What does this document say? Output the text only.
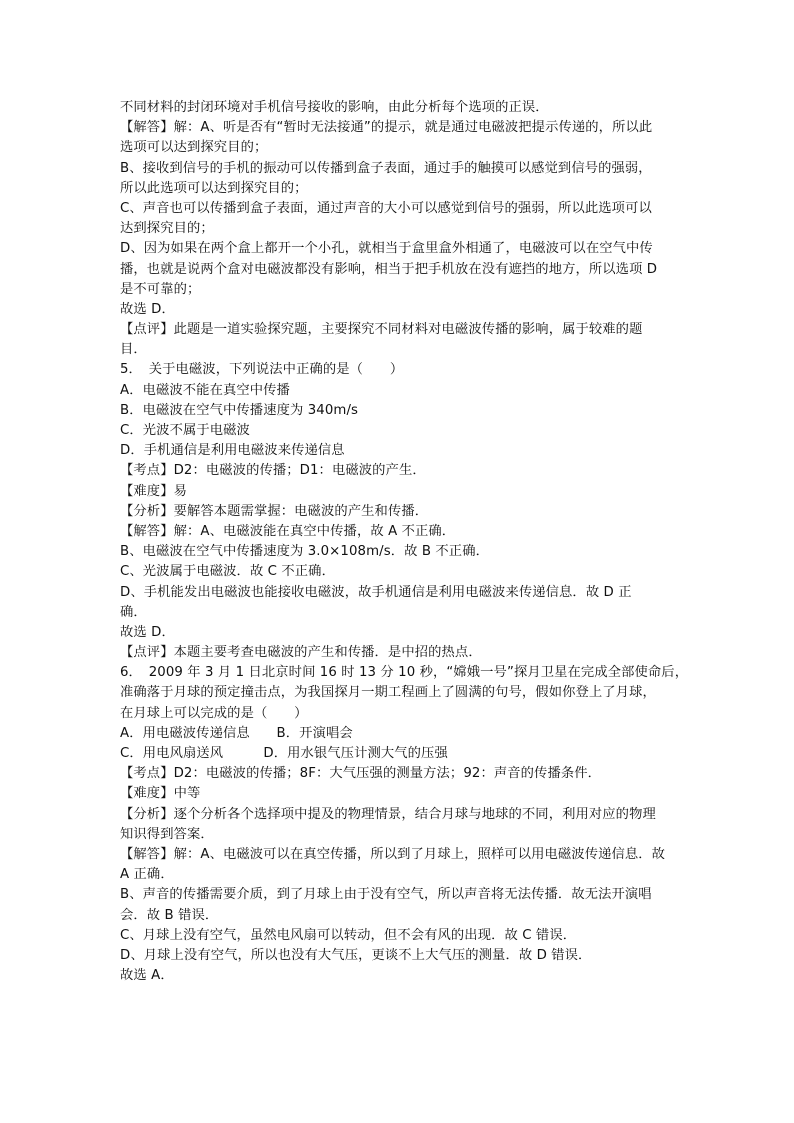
不同材料的封闭环境对手机信号接收的影响，由此分析每个选项的正误．
【解答】解：A、听是否有“暂时无法接通”的提示，就是通过电磁波把提示传递的，所以此
选项可以达到探究目的；
B、接收到信号的手机的振动可以传播到盒子表面，通过手的触摸可以感觉到信号的强弱，
所以此选项可以达到探究目的；
C、声音也可以传播到盒子表面，通过声音的大小可以感觉到信号的强弱，所以此选项可以
达到探究目的；
D、因为如果在两个盒上都开一个小孔，就相当于盒里盒外相通了，电磁波可以在空气中传
播，也就是说两个盒对电磁波都没有影响，相当于把手机放在没有遮挡的地方，所以选项 D
是不可靠的；
故选 D．
【点评】此题是一道实验探究题，主要探究不同材料对电磁波传播的影响，属于较难的题
目．
5．　关于电磁波，下列说法中正确的是（　　）
A．电磁波不能在真空中传播
B．电磁波在空气中传播速度为 340m/s
C．光波不属于电磁波
D．手机通信是利用电磁波来传递信息
【考点】D2：电磁波的传播；D1：电磁波的产生．
【难度】易
【分析】要解答本题需掌握：电磁波的产生和传播．
【解答】解：A、电磁波能在真空中传播，故 A 不正确．
B、电磁波在空气中传播速度为 3.0×108m/s．故 B 不正确．
C、光波属于电磁波．故 C 不正确．
D、手机能发出电磁波也能接收电磁波，故手机通信是利用电磁波来传递信息．故 D 正
确．
故选 D．
【点评】本题主要考查电磁波的产生和传播．是中招的热点．
6．　2009 年 3 月 1 日北京时间 16 时 13 分 10 秒，“嫦娥一号”探月卫星在完成全部使命后，
准确落于月球的预定撞击点，为我国探月一期工程画上了圆满的句号，假如你登上了月球，
在月球上可以完成的是（　　）
A．用电磁波传递信息　　B．开演唱会
C．用电风扇送风　　　D．用水银气压计测大气的压强
【考点】D2：电磁波的传播；8F：大气压强的测量方法；92：声音的传播条件．
【难度】中等
【分析】逐个分析各个选择项中提及的物理情景，结合月球与地球的不同，利用对应的物理
知识得到答案．
【解答】解：A、电磁波可以在真空传播，所以到了月球上，照样可以用电磁波传递信息．故
A 正确．
B、声音的传播需要介质，到了月球上由于没有空气，所以声音将无法传播．故无法开演唱
会．故 B 错误．
C、月球上没有空气，虽然电风扇可以转动，但不会有风的出现．故 C 错误．
D、月球上没有空气，所以也没有大气压，更谈不上大气压的测量．故 D 错误．
故选 A．
